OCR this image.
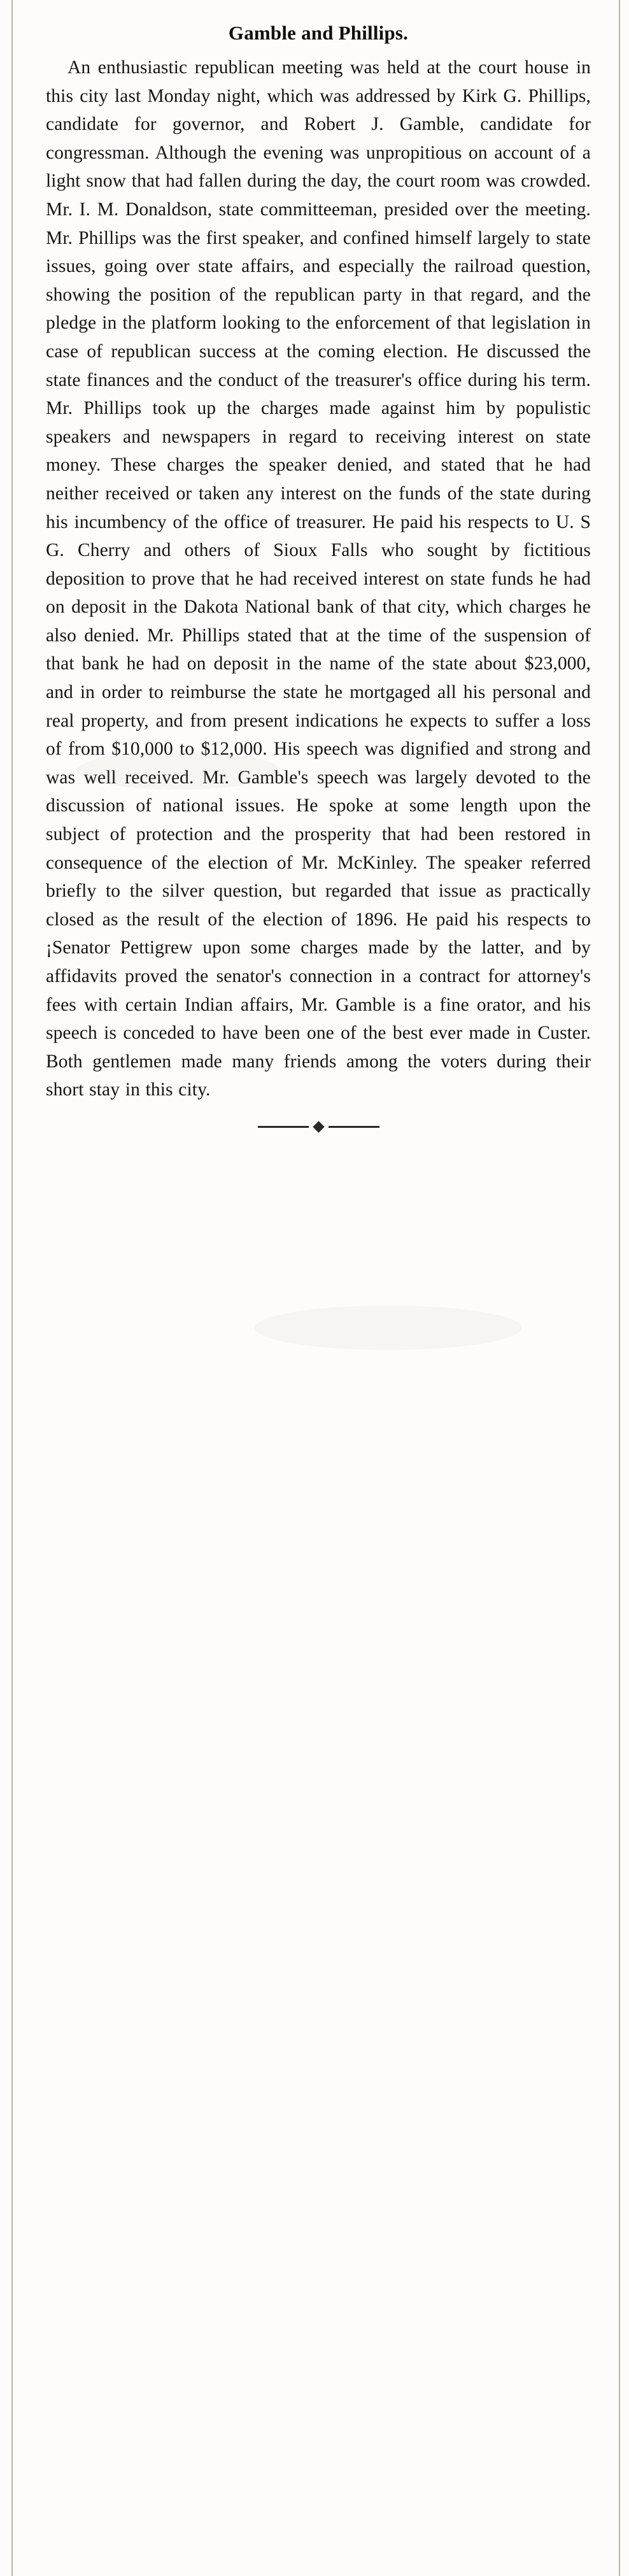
Gamble and Phillips.
An enthusiastic republican meeting was held at the court house in this city last Monday night, which was addressed by Kirk G. Phillips, candidate for governor, and Robert J. Gamble, candidate for congressman. Although the evening was unpropitious on account of a light snow that had fallen during the day, the court room was crowded. Mr. I. M. Donaldson, state committeeman, presided over the meeting. Mr. Phillips was the first speaker, and confined himself largely to state issues, going over state affairs, and especially the railroad question, showing the position of the republican party in that regard, and the pledge in the platform looking to the enforcement of that legislation in case of republican success at the coming election. He discussed the state finances and the conduct of the treasurer's office during his term. Mr. Phillips took up the charges made against him by populistic speakers and newspapers in regard to receiving interest on state money. These charges the speaker denied, and stated that he had neither received or taken any interest on the funds of the state during his incumbency of the office of treasurer. He paid his respects to U. S G. Cherry and others of Sioux Falls who sought by fictitious deposition to prove that he had received interest on state funds he had on deposit in the Dakota National bank of that city, which charges he also denied. Mr. Phillips stated that at the time of the suspension of that bank he had on deposit in the name of the state about $23,000, and in order to reimburse the state he mortgaged all his personal and real property, and from present indications he expects to suffer a loss of from $10,000 to $12,000. His speech was dignified and strong and was well received. Mr. Gamble's speech was largely devoted to the discussion of national issues. He spoke at some length upon the subject of protection and the prosperity that had been restored in consequence of the election of Mr. McKinley. The speaker referred briefly to the silver question, but regarded that issue as practically closed as the result of the election of 1896. He paid his respects to ¡Senator Pettigrew upon some charges made by the latter, and by affidavits proved the senator's connection in a contract for attorney's fees with certain Indian affairs, Mr. Gamble is a fine orator, and his speech is conceded to have been one of the best ever made in Custer. Both gentlemen made many friends among the voters during their short stay in this city.
